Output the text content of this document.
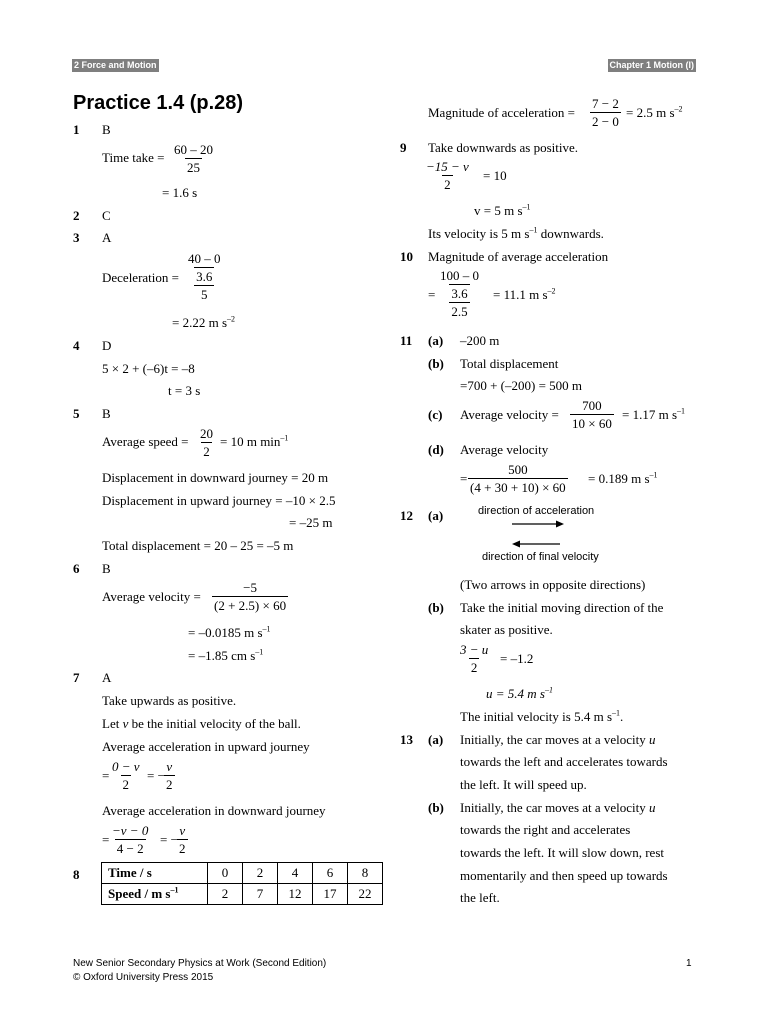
2 Force and Motion	Chapter 1 Motion (I)
Practice 1.4 (p.28)
1 B
Time take = $\frac{60 - 20}{25}$
= 1.6 s
2 C
3 A
Deceleration =
40 – 0
3.6
5
= 2.22 m $s^{-2}$
4 D
5 × 2 + (–6)t = –8
t = 3 s
5 B
Average speed = $\frac{20}{2} = 10$ m $\min^{-1}$
Displacement in downward journey = 20 m
Displacement in upward journey = –10 × 2.5
= –25 m
Total displacement = 20 – 25 = –5 m
6 B
Average velocity = $\frac{-5}{(2 + 2.5) \times 60}$
= –0.0185 m $s^{-1}$
= –1.85 cm $s^{-1}$
7 A
Take upwards as positive.
Let v be the initial velocity of the ball.
Average acceleration in upward journey
= $\frac{0 - v}{2}$ = − $\frac{v}{2}$
Average acceleration in downward journey
= $\frac{-v - 0}{4 - 2}$ = − $\frac{v}{2}$
8 Time / s	0	2	4	6	8
Speed / m $s^{-1}$	2	7	12	17	22
Magnitude of acceleration = $\frac{7 - 2}{2 - 0} = 2.5$ m $s^{-2}$
9 Take downwards as positive.
$\frac{-15 - v}{2} = 10$
v = 5 m $s^{-1}$
Its velocity is 5 m $s^{-1}$ downwards.
10 Magnitude of average acceleration
=
100 – 0
3.6
2.5
= 11.1 m $s^{-2}$
11 (a) –200 m
(b) Total displacement
=700 + (–200) = 500 m
(c) Average velocity = $\frac{700}{10 \times 60} = 1.17$ m $s^{-1}$
(d) Average velocity
= $\frac{500}{(4 + 30 + 10) \times 60} = 0.189$ m $s^{-1}$
12 (a)	direction of acceleration
direction of final velocity
(Two arrows in opposite directions)
(b) Take the initial moving direction of the
skater as positive.
$\frac{3 - u}{2} = -1.2$
u = 5.4 m $s^{-1}$
The initial velocity is 5.4 m $s^{-1}$.
13 (a) Initially, the car moves at a velocity u
towards the left and accelerates towards
the left. It will speed up.
(b) Initially, the car moves at a velocity u
towards the right and accelerates
towards the left. It will slow down, rest
momentarily and then speed up towards
the left.
New Senior Secondary Physics at Work (Second Edition)
© Oxford University Press 2015
1
